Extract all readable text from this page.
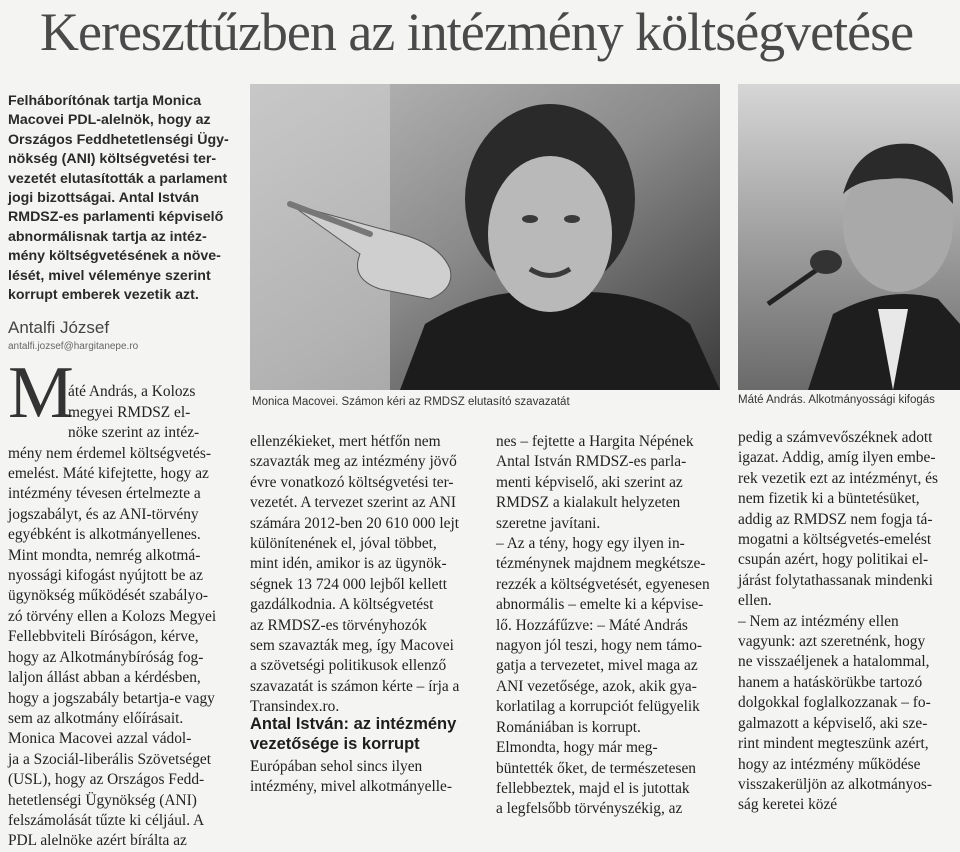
Kereszttűzben az intézmény költségvetése
Felháborítónak tartja Monica
Macovei PDL-alelnök, hogy az
Országos Feddhetetlenségi Ügy-
nökség (ANI) költségvetési ter-
vezetét elutasították a parlament
jogi bizottságai. Antal István
RMDSZ-es parlamenti képviselő
abnormálisnak tartja az intéz-
mény költségvetésének a növe-
lését, mivel véleménye szerint
korrupt emberek vezetik azt.
Antalfi József
antalfi.jozsef@hargitanepe.ro
M

áté András, a Kolozs
megyei RMDSZ el-
nöke szerint az intéz-
mény nem érdemel költségvetés-
emelést. Máté kifejtette, hogy az
intézmény tévesen értelmezte a
jogszabályt, és az ANI-törvény
egyébként is alkotmányellenes.
Mint mondta, nemrég alkotmá-
nyossági kifogást nyújtott be az
ügynökség működését szabályo-
zó törvény ellen a Kolozs Megyei
Fellebbviteli Bíróságon, kérve,
hogy az Alkotmánybíróság fog-
laljon állást abban a kérdésben,
hogy a jogszabály betartja-e vagy
sem az alkotmány előírásait.
Monica Macovei azzal vádol-
ja a Szociál-liberális Szövetséget
(USL), hogy az Országos Fedd-
hetetlenségi Ügynökség (ANI)
felszámolását tűzte ki céljául. A
PDL alelnöke azért bírálta az

Monica Macovei. Számon kéri az RMDSZ elutasító szavazatát	Máté András. Alkotmányossági kifogás
ellenzékieket, mert hétfőn nem
szavazták meg az intézmény jövő
évre vonatkozó költségvetési ter-
vezetét. A tervezet szerint az ANI
számára 2012-ben 20 610 000 lejt
különítenének el, jóval többet,
mint idén, amikor is az ügynök-
ségnek 13 724 000 lejből kellett
gazdálkodnia. A költségvetést
az RMDSZ-es törvényhozók
sem szavazták meg, így Macovei
a szövetségi politikusok ellenző
szavazatát is számon kérte – írja a
Transindex.ro.
Antal István: az intézmény
vezetősége is korrupt
Európában sehol sincs ilyen
intézmény, mivel alkotmányelle-
nes – fejtette a Hargita Népének
Antal István RMDSZ-es parla-
menti képviselő, aki szerint az
RMDSZ a kialakult helyzeten
szeretne javítani.
– Az a tény, hogy egy ilyen in-
tézménynek majdnem megkétsze-
rezzék a költségvetését, egyenesen
abnormális – emelte ki a képvise-
lő. Hozzáfűzve: – Máté András
nagyon jól teszi, hogy nem támo-
gatja a tervezetet, mivel maga az
ANI vezetősége, azok, akik gya-
korlatilag a korrupciót felügyelik
Romániában is korrupt.
Elmondta, hogy már meg-
büntették őket, de természetesen
fellebbeztek, majd el is jutottak
a legfelsőbb törvényszékig, az
pedig a számvevőszéknek adott
igazat. Addig, amíg ilyen embe-
rek vezetik ezt az intézményt, és
nem fizetik ki a büntetésüket,
addig az RMDSZ nem fogja tá-
mogatni a költségvetés-emelést
csupán azért, hogy politikai el-
járást folytathassanak mindenki
ellen.
– Nem az intézmény ellen
vagyunk: azt szeretnénk, hogy
ne visszaéljenek a hatalommal,
hanem a hatáskörükbe tartozó
dolgokkal foglalkozzanak – fo-
galmazott a képviselő, aki sze-
rint mindent megteszünk azért,
hogy az intézmény működése
visszakerüljön az alkotmányos-
ság keretei közé
